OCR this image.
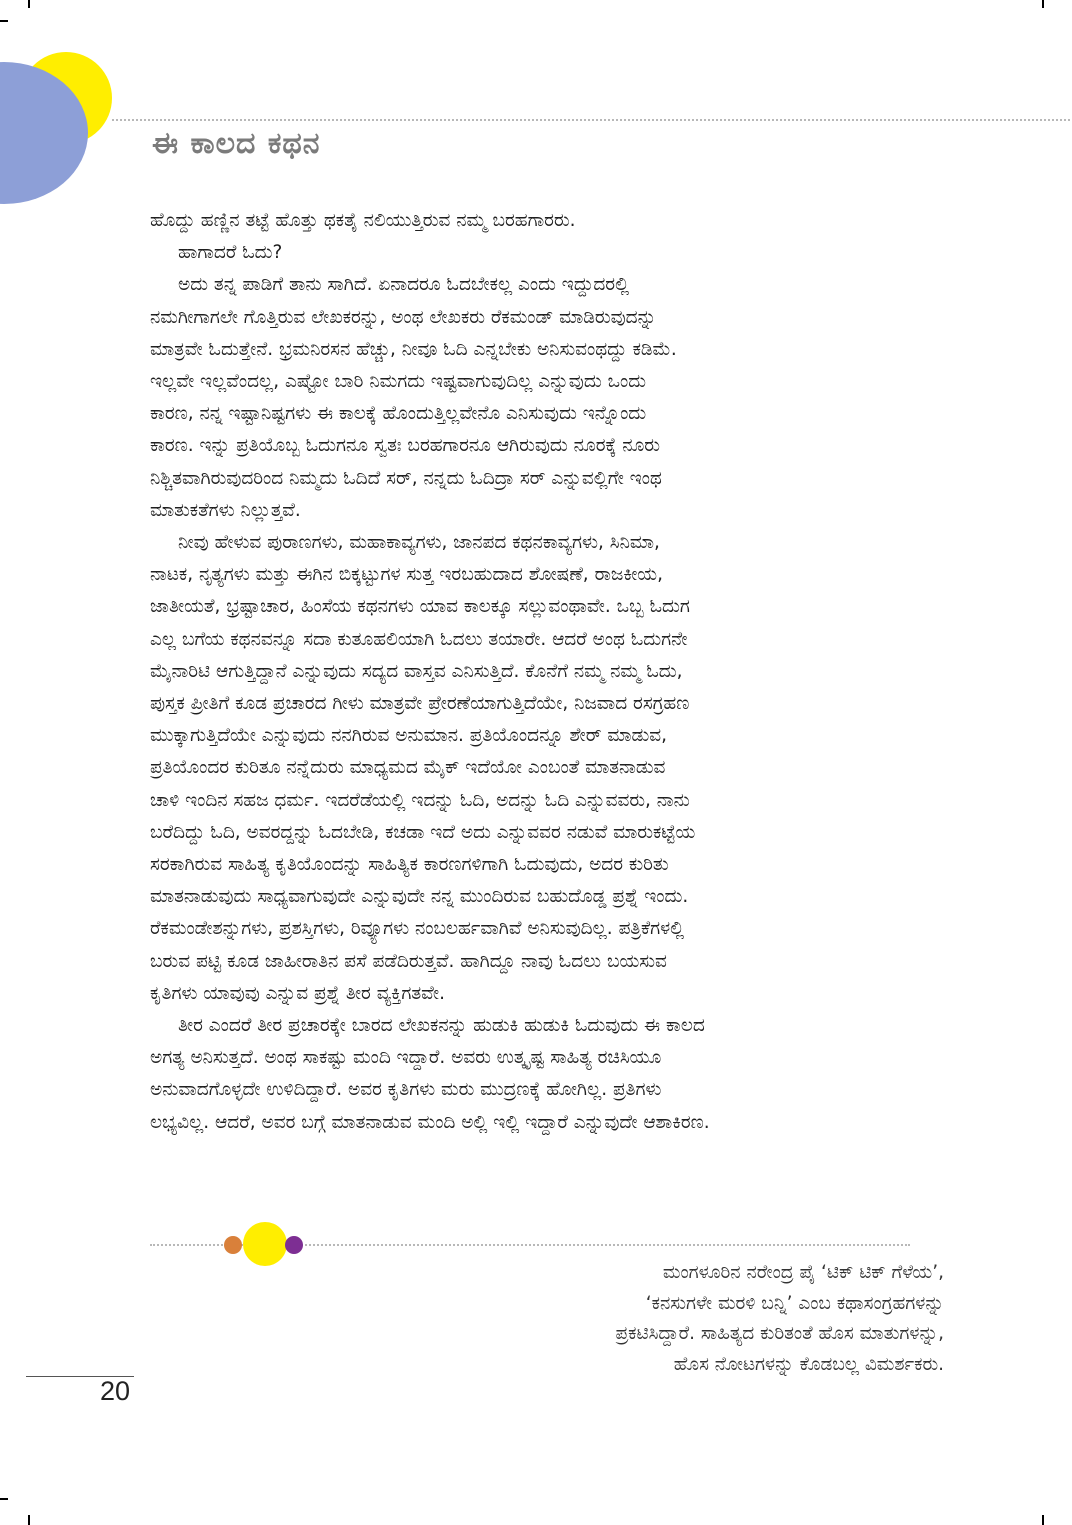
ಈ ಕಾಲದ ಕಥನ

ಹೊದ್ದು ಹಣ್ಣಿನ ತಟ್ಟೆ ಹೊತ್ತು ಥಕತೈ ನಲಿಯುತ್ತಿರುವ ನಮ್ಮ ಬರಹಗಾರರು.

ಹಾಗಾದರೆ ಓದು?

ಅದು ತನ್ನ ಪಾಡಿಗೆ ತಾನು ಸಾಗಿದೆ. ಏನಾದರೂ ಓದಬೇಕಲ್ಲ ಎಂದು ಇದ್ದುದರಲ್ಲಿ

ನಮಗೀಗಾಗಲೇ ಗೊತ್ತಿರುವ ಲೇಖಕರನ್ನು, ಅಂಥ ಲೇಖಕರು ರೆಕಮಂಡ್ ಮಾಡಿರುವುದನ್ನು

ಮಾತ್ರವೇ ಓದುತ್ತೇನೆ. ಭ್ರಮನಿರಸನ ಹೆಚ್ಚು, ನೀವೂ ಓದಿ ಎನ್ನಬೇಕು ಅನಿಸುವಂಥದ್ದು ಕಡಿಮೆ.

ಇಲ್ಲವೇ ಇಲ್ಲವೆಂದಲ್ಲ, ಎಷ್ಟೋ ಬಾರಿ ನಿಮಗದು ಇಷ್ಟವಾಗುವುದಿಲ್ಲ ಎನ್ನುವುದು ಒಂದು

ಕಾರಣ, ನನ್ನ ಇಷ್ಟಾನಿಷ್ಟಗಳು ಈ ಕಾಲಕ್ಕೆ ಹೊಂದುತ್ತಿಲ್ಲವೇನೊ ಎನಿಸುವುದು ಇನ್ನೊಂದು

ಕಾರಣ. ಇನ್ನು ಪ್ರತಿಯೊಬ್ಬ ಓದುಗನೂ ಸ್ವತಃ ಬರಹಗಾರನೂ ಆಗಿರುವುದು ನೂರಕ್ಕೆ ನೂರು

ನಿಶ್ಚಿತವಾಗಿರುವುದರಿಂದ ನಿಮ್ಮದು ಓದಿದೆ ಸರ್, ನನ್ನದು ಓದಿದ್ರಾ ಸರ್ ಎನ್ನುವಲ್ಲಿಗೇ ಇಂಥ

ಮಾತುಕತೆಗಳು ನಿಲ್ಲುತ್ತವೆ.

ನೀವು ಹೇಳುವ ಪುರಾಣಗಳು, ಮಹಾಕಾವ್ಯಗಳು, ಜಾನಪದ ಕಥನಕಾವ್ಯಗಳು, ಸಿನಿಮಾ,

ನಾಟಕ, ನೃತ್ಯಗಳು ಮತ್ತು ಈಗಿನ ಬಿಕ್ಕಟ್ಟುಗಳ ಸುತ್ತ ಇರಬಹುದಾದ ಶೋಷಣೆ, ರಾಜಕೀಯ,

ಜಾತೀಯತೆ, ಭ್ರಷ್ಟಾಚಾರ, ಹಿಂಸೆಯ ಕಥನಗಳು ಯಾವ ಕಾಲಕ್ಕೂ ಸಲ್ಲುವಂಥಾವೇ. ಒಬ್ಬ ಓದುಗ

ಎಲ್ಲ ಬಗೆಯ ಕಥನವನ್ನೂ ಸದಾ ಕುತೂಹಲಿಯಾಗಿ ಓದಲು ತಯಾರೇ. ಆದರೆ ಅಂಥ ಓದುಗನೇ

ಮೈನಾರಿಟಿ ಆಗುತ್ತಿದ್ದಾನೆ ಎನ್ನುವುದು ಸದ್ಯದ ವಾಸ್ತವ ಎನಿಸುತ್ತಿದೆ. ಕೊನೆಗೆ ನಮ್ಮ ನಮ್ಮ ಓದು,

ಪುಸ್ತಕ ಪ್ರೀತಿಗೆ ಕೂಡ ಪ್ರಚಾರದ ಗೀಳು ಮಾತ್ರವೇ ಪ್ರೇರಣೆಯಾಗುತ್ತಿದೆಯೇ, ನಿಜವಾದ ರಸಗ್ರಹಣ

ಮುಕ್ಕಾಗುತ್ತಿದೆಯೇ ಎನ್ನುವುದು ನನಗಿರುವ ಅನುಮಾನ. ಪ್ರತಿಯೊಂದನ್ನೂ ಶೇರ್ ಮಾಡುವ,

ಪ್ರತಿಯೊಂದರ ಕುರಿತೂ ನನ್ನೆದುರು ಮಾಧ್ಯಮದ ಮೈಕ್ ಇದೆಯೋ ಎಂಬಂತೆ ಮಾತನಾಡುವ

ಚಾಳಿ ಇಂದಿನ ಸಹಜ ಧರ್ಮ. ಇದರೆಡೆಯಲ್ಲಿ ಇದನ್ನು ಓದಿ, ಅದನ್ನು ಓದಿ ಎನ್ನುವವರು, ನಾನು

ಬರೆದಿದ್ದು ಓದಿ, ಅವರದ್ದನ್ನು ಓದಬೇಡಿ, ಕಚಡಾ ಇದೆ ಅದು ಎನ್ನುವವರ ನಡುವೆ ಮಾರುಕಟ್ಟೆಯ

ಸರಕಾಗಿರುವ ಸಾಹಿತ್ಯ ಕೃತಿಯೊಂದನ್ನು ಸಾಹಿತ್ಯಿಕ ಕಾರಣಗಳಿಗಾಗಿ ಓದುವುದು, ಅದರ ಕುರಿತು

ಮಾತನಾಡುವುದು ಸಾಧ್ಯವಾಗುವುದೇ ಎನ್ನುವುದೇ ನನ್ನ ಮುಂದಿರುವ ಬಹುದೊಡ್ಡ ಪ್ರಶ್ನೆ ಇಂದು.

ರೆಕಮಂಡೇಶನ್ನುಗಳು, ಪ್ರಶಸ್ತಿಗಳು, ರಿವ್ಯೂಗಳು ನಂಬಲರ್ಹವಾಗಿವೆ ಅನಿಸುವುದಿಲ್ಲ. ಪತ್ರಿಕೆಗಳಲ್ಲಿ

ಬರುವ ಪಟ್ಟಿ ಕೂಡ ಜಾಹೀರಾತಿನ ಪಸೆ ಪಡೆದಿರುತ್ತವೆ. ಹಾಗಿದ್ದೂ ನಾವು ಓದಲು ಬಯಸುವ

ಕೃತಿಗಳು ಯಾವುವು ಎನ್ನುವ ಪ್ರಶ್ನೆ ತೀರ ವ್ಯಕ್ತಿಗತವೇ.

ತೀರ ಎಂದರೆ ತೀರ ಪ್ರಚಾರಕ್ಕೇ ಬಾರದ ಲೇಖಕನನ್ನು ಹುಡುಕಿ ಹುಡುಕಿ ಓದುವುದು ಈ ಕಾಲದ

ಅಗತ್ಯ ಅನಿಸುತ್ತದೆ. ಅಂಥ ಸಾಕಷ್ಟು ಮಂದಿ ಇದ್ದಾರೆ. ಅವರು ಉತ್ಕೃಷ್ಟ ಸಾಹಿತ್ಯ ರಚಿಸಿಯೂ

ಅನುವಾದಗೊಳ್ಳದೇ ಉಳಿದಿದ್ದಾರೆ. ಅವರ ಕೃತಿಗಳು ಮರು ಮುದ್ರಣಕ್ಕೆ ಹೋಗಿಲ್ಲ. ಪ್ರತಿಗಳು

ಲಭ್ಯವಿಲ್ಲ. ಆದರೆ, ಅವರ ಬಗ್ಗೆ ಮಾತನಾಡುವ ಮಂದಿ ಅಲ್ಲಿ ಇಲ್ಲಿ ಇದ್ದಾರೆ ಎನ್ನುವುದೇ ಆಶಾಕಿರಣ.

ಮಂಗಳೂರಿನ ನರೇಂದ್ರ ಪೈ ‘ಟಿಕ್ ಟಿಕ್ ಗೆಳೆಯ’,

‘ಕನಸುಗಳೇ ಮರಳಿ ಬನ್ನಿ’ ಎಂಬ ಕಥಾಸಂಗ್ರಹಗಳನ್ನು

ಪ್ರಕಟಿಸಿದ್ದಾರೆ. ಸಾಹಿತ್ಯದ ಕುರಿತಂತೆ ಹೊಸ ಮಾತುಗಳನ್ನು,

ಹೊಸ ನೋಟಗಳನ್ನು ಕೊಡಬಲ್ಲ ವಿಮರ್ಶಕರು.

20
